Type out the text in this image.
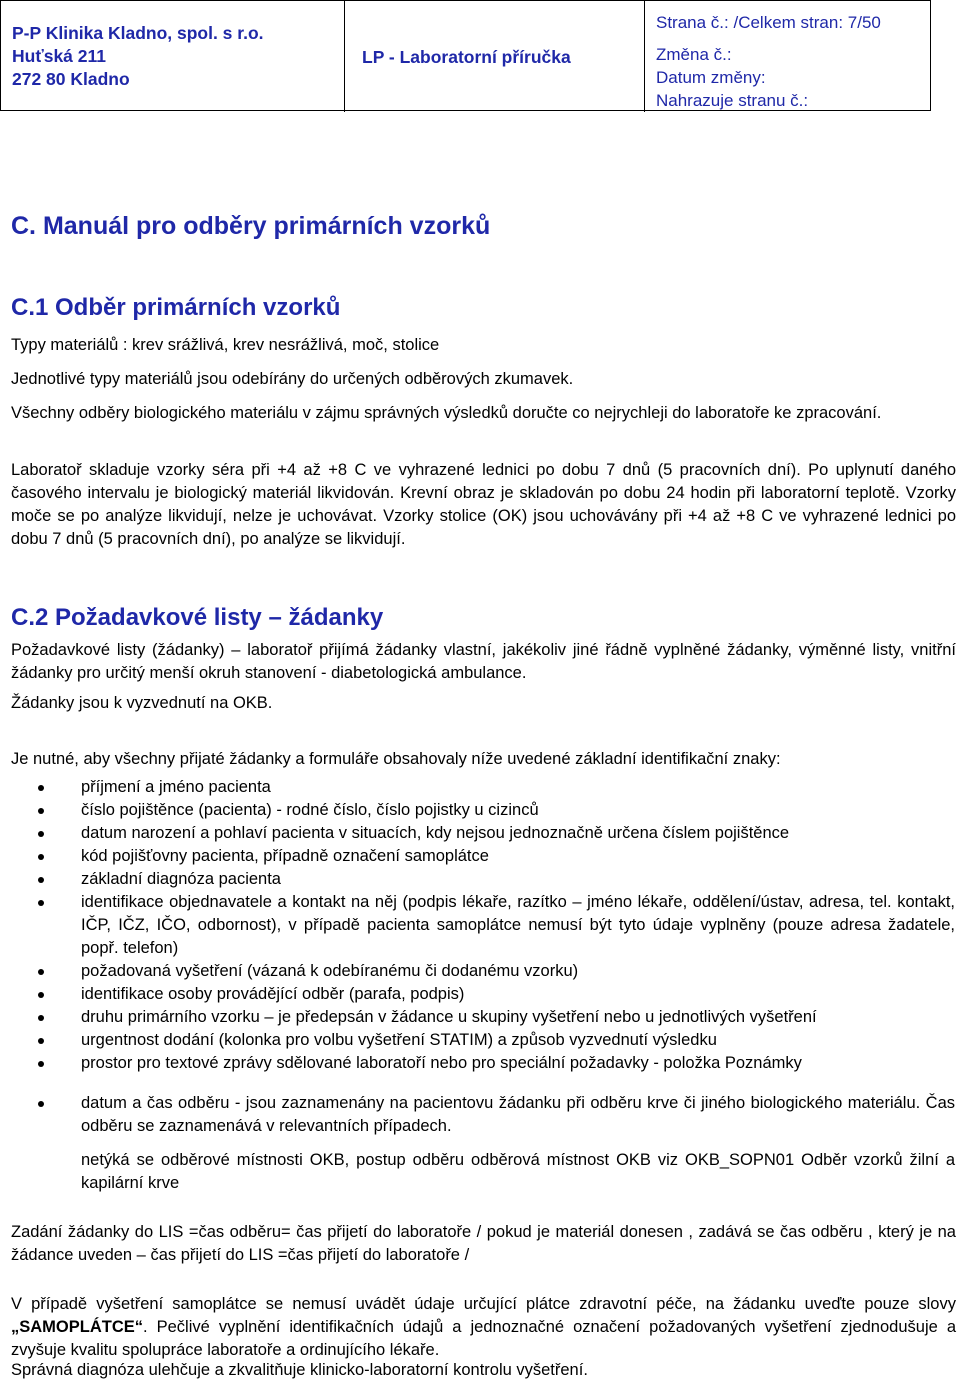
P-P Klinika Kladno, spol. s r.o.
Huťská 211
272 80 Kladno
LP - Laboratorní příručka
Strana č.: /Celkem stran: 7/50
Změna č.:
Datum změny:
Nahrazuje stranu č.:
C. Manuál pro odběry primárních vzorků
C.1 Odběr primárních vzorků
Typy materiálů : krev srážlivá, krev nesrážlivá, moč, stolice
Jednotlivé typy materiálů jsou odebírány do určených odběrových zkumavek.
Všechny odběry biologického materiálu v zájmu správných výsledků doručte co nejrychleji do laboratoře ke zpracování.
Laboratoř skladuje vzorky séra při +4 až +8 C ve vyhrazené lednici po dobu 7 dnů (5 pracovních dní). Po uplynutí daného časového intervalu je biologický materiál likvidován. Krevní obraz je skladován po dobu 24 hodin při laboratorní teplotě. Vzorky moče se po analýze likvidují, nelze je uchovávat. Vzorky stolice (OK) jsou uchovávány při +4 až +8 C ve vyhrazené lednici po dobu 7 dnů (5 pracovních dní), po analýze se likvidují.
C.2 Požadavkové listy – žádanky
Požadavkové listy (žádanky) – laboratoř přijímá žádanky vlastní, jakékoliv jiné řádně vyplněné žádanky, výměnné listy, vnitřní žádanky pro určitý menší okruh stanovení - diabetologická ambulance.
Žádanky jsou k vyzvednutí na OKB.
Je nutné, aby všechny přijaté žádanky a formuláře obsahovaly níže uvedené základní identifikační znaky:
příjmení a jméno pacienta
číslo pojištěnce (pacienta) - rodné číslo, číslo pojistky u cizinců
datum narození a pohlaví pacienta v situacích, kdy nejsou jednoznačně určena číslem pojištěnce
kód pojišťovny pacienta, případně označení samoplátce
základní diagnóza pacienta
identifikace objednavatele a kontakt na něj (podpis lékaře, razítko – jméno lékaře, oddělení/ústav, adresa, tel. kontakt, IČP, IČZ, IČO, odbornost), v případě pacienta samoplátce nemusí být tyto údaje vyplněny (pouze adresa žadatele, popř. telefon)
požadovaná vyšetření (vázaná k odebíranému či dodanému vzorku)
identifikace osoby provádějící odběr (parafa, podpis)
druhu primárního vzorku – je předepsán v žádance u skupiny vyšetření nebo u jednotlivých vyšetření
urgentnost dodání (kolonka pro volbu vyšetření STATIM) a způsob vyzvednutí výsledku
prostor pro textové zprávy sdělované laboratoří nebo pro speciální požadavky - položka Poznámky
datum a čas odběru - jsou zaznamenány na pacientovu žádanku při odběru krve či jiného biologického materiálu. Čas odběru se zaznamenává v relevantních případech.
netýká se odběrové místnosti OKB, postup odběru odběrová místnost OKB viz OKB_SOPN01 Odběr vzorků žilní a kapilární krve
Zadání žádanky do LIS =čas odběru= čas přijetí do laboratoře / pokud je materiál donesen , zadává se čas odběru , který je na žádance uveden – čas přijetí do LIS =čas přijetí do laboratoře /
V případě vyšetření samoplátce se nemusí uvádět údaje určující plátce zdravotní péče, na žádanku uveďte pouze slovy „SAMOPLÁTCE“. Pečlivé vyplnění identifikačních údajů a jednoznačné označení požadovaných vyšetření zjednodušuje a zvyšuje kvalitu spolupráce laboratoře a ordinujícího lékaře.
Správná diagnóza ulehčuje a zkvalitňuje klinicko-laboratorní kontrolu vyšetření.
